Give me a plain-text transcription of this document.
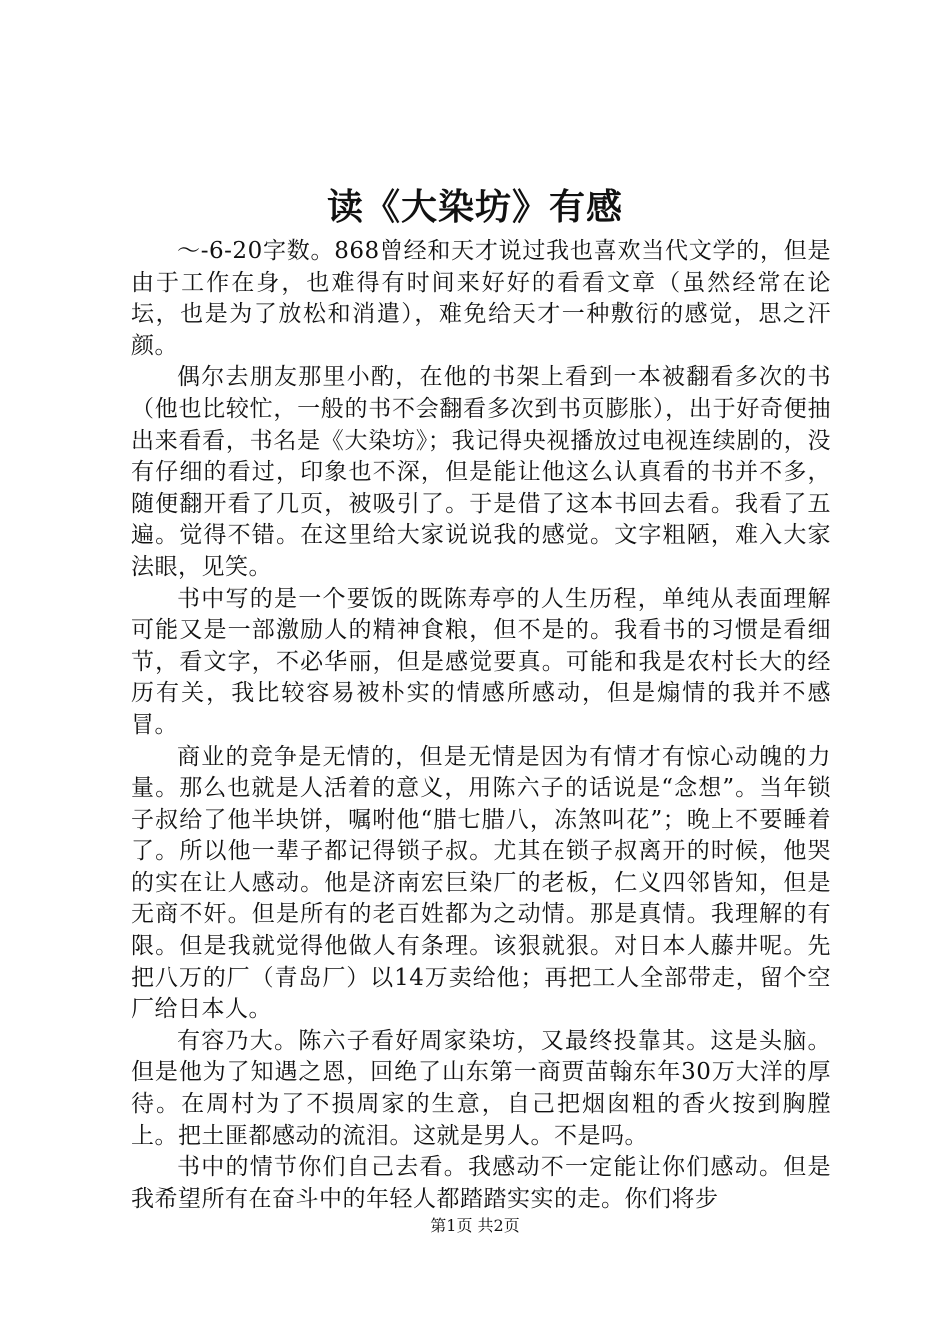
读《大染坊》有感

～-6-20字数。868曾经和天才说过我也喜欢当代文学的，但是由于工作在身，也难得有时间来好好的看看文章（虽然经常在论坛，也是为了放松和消遣），难免给天才一种敷衍的感觉，思之汗颜。

偶尔去朋友那里小酌，在他的书架上看到一本被翻看多次的书（他也比较忙，一般的书不会翻看多次到书页膨胀），出于好奇便抽出来看看，书名是《大染坊》；我记得央视播放过电视连续剧的，没有仔细的看过，印象也不深，但是能让他这么认真看的书并不多，随便翻开看了几页，被吸引了。于是借了这本书回去看。我看了五遍。觉得不错。在这里给大家说说我的感觉。文字粗陋，难入大家法眼，见笑。

书中写的是一个要饭的既陈寿亭的人生历程，单纯从表面理解可能又是一部激励人的精神食粮，但不是的。我看书的习惯是看细节，看文字，不必华丽，但是感觉要真。可能和我是农村长大的经历有关，我比较容易被朴实的情感所感动，但是煽情的我并不感冒。

商业的竞争是无情的，但是无情是因为有情才有惊心动魄的力量。那么也就是人活着的意义，用陈六子的话说是“念想”。当年锁子叔给了他半块饼，嘱咐他“腊七腊八，冻煞叫花”；晚上不要睡着了。所以他一辈子都记得锁子叔。尤其在锁子叔离开的时候，他哭的实在让人感动。他是济南宏巨染厂的老板，仁义四邻皆知，但是无商不奸。但是所有的老百姓都为之动情。那是真情。我理解的有限。但是我就觉得他做人有条理。该狠就狠。对日本人藤井呢。先把八万的厂（青岛厂）以14万卖给他；再把工人全部带走，留个空厂给日本人。

有容乃大。陈六子看好周家染坊，又最终投靠其。这是头脑。但是他为了知遇之恩，回绝了山东第一商贾苗翰东年30万大洋的厚待。在周村为了不损周家的生意，自己把烟囱粗的香火按到胸膛上。把土匪都感动的流泪。这就是男人。不是吗。

书中的情节你们自己去看。我感动不一定能让你们感动。但是我希望所有在奋斗中的年轻人都踏踏实实的走。你们将步

第1页 共2页
